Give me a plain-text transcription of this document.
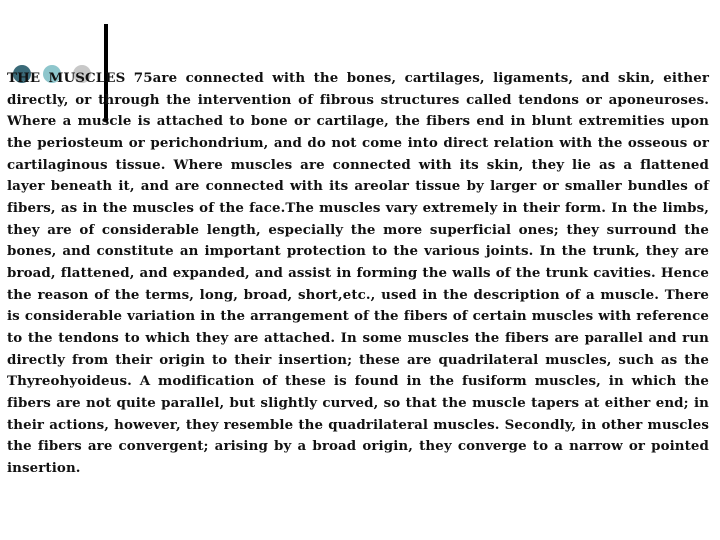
THE MUSCLES 75are connected with the bones, cartilages, ligaments, and skin, either directly, or through the intervention of fibrous structures called tendons or aponeuroses. Where a muscle is attached to bone or cartilage, the fibers end in blunt extremities upon the periosteum or perichondrium, and do not come into direct relation with the osseous or cartilaginous tissue. Where muscles are connected with its skin, they lie as a flattened layer beneath it, and are connected with its areolar tissue by larger or smaller bundles of fibers, as in the muscles of the face.The muscles vary extremely in their form. In the limbs, they are of considerable length, especially the more superficial ones; they surround the bones, and constitute an important protection to the various joints. In the trunk, they are broad, flattened, and expanded, and assist in forming the walls of the trunk cavities. Hence the reason of the terms, long, broad, short,etc., used in the description of a muscle. There is considerable variation in the arrangement of the fibers of certain muscles with reference to the tendons to which they are attached. In some muscles the fibers are parallel and run directly from their origin to their insertion; these are quadrilateral muscles, such as the Thyreohyoideus. A modification of these is found in the fusiform muscles, in which the fibers are not quite parallel, but slightly curved, so that the muscle tapers at either end; in their actions, however, they resemble the quadrilateral muscles. Secondly, in other muscles the fibers are convergent; arising by a broad origin, they converge to a narrow or pointed insertion.
